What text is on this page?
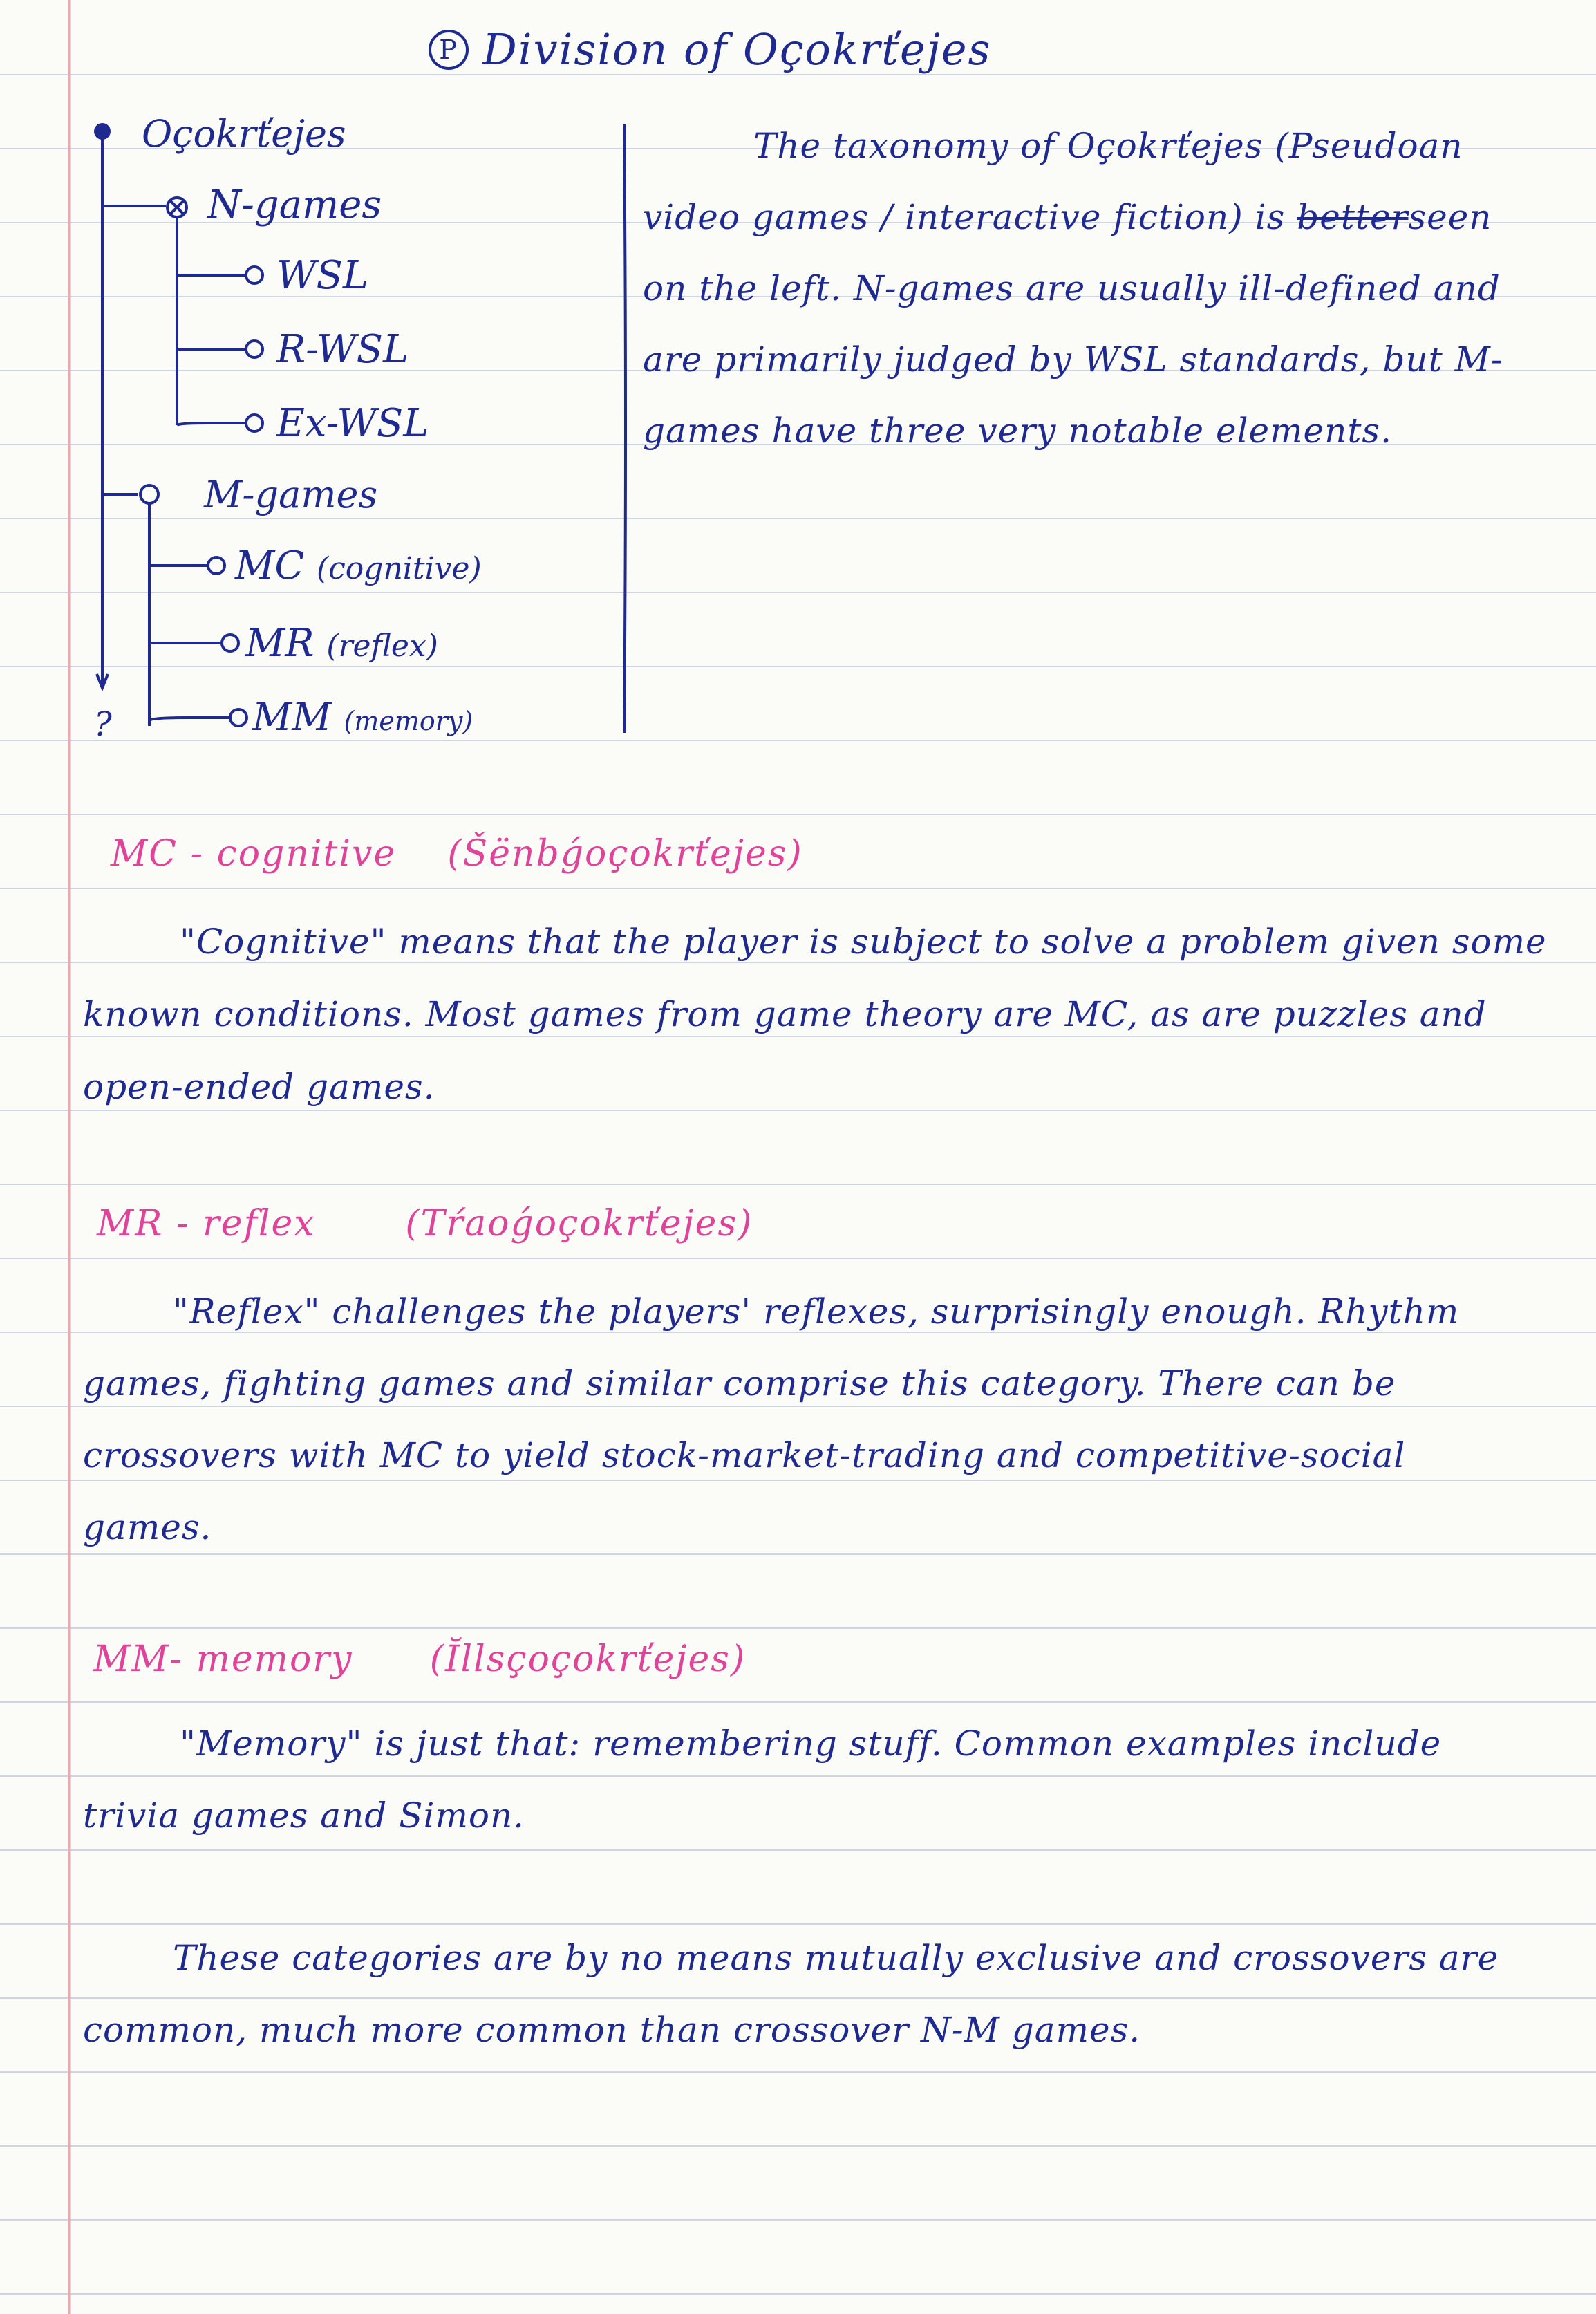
P Division of Oçokrťejes
Oçokrťejes
N-games
WSL
R-WSL
Ex-WSL
M-games
MC (cognitive)
MR (reflex)
MM (memory)
?

The taxonomy of Oçokrťejes (Pseudoan video games / interactive fiction) is betterseen on the left. N-games are usually ill-defined and are primarily judged by WSL standards, but M-games have three very notable elements.

MC - cognitive (Šënbǵoçokrťejes)

"Cognitive" means that the player is subject to solve a problem given some known conditions. Most games from game theory are MC, as are puzzles and open-ended games.

MR - reflex (Tŕaoǵoçokrťejes)

"Reflex" challenges the players' reflexes, surprisingly enough. Rhythm games, fighting games and similar comprise this category. There can be crossovers with MC to yield stock-market-trading and competitive-social games.

MM- memory (Ĭllsçoçokrťejes)

"Memory" is just that: remembering stuff. Common examples include trivia games and Simon.

These categories are by no means mutually exclusive and crossovers are common, much more common than crossover N-M games.
